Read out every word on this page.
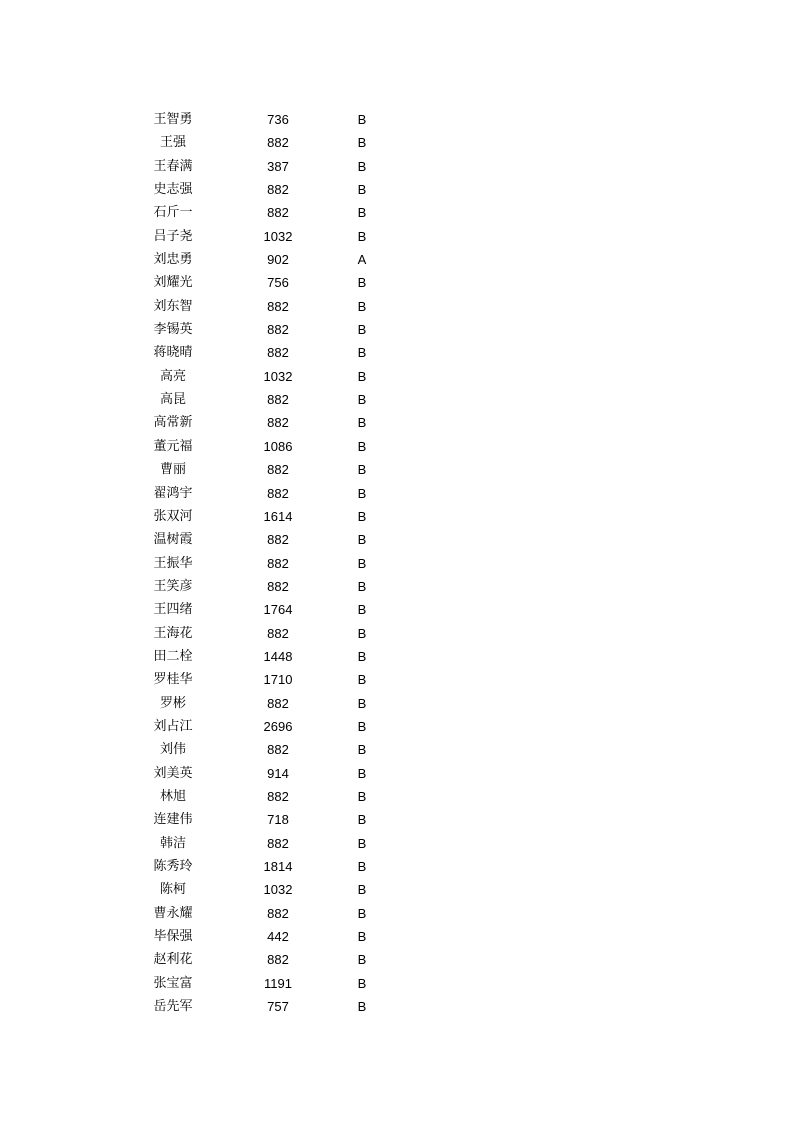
王智勇	736	B
王强	882	B
王春满	387	B
史志强	882	B
石斤一	882	B
吕子尧	1032	B
刘忠勇	902	A
刘耀光	756	B
刘东智	882	B
李锡英	882	B
蒋晓晴	882	B
高亮	1032	B
高昆	882	B
高常新	882	B
董元福	1086	B
曹丽	882	B
翟鸿宇	882	B
张双河	1614	B
温树霞	882	B
王振华	882	B
王笑彦	882	B
王四绪	1764	B
王海花	882	B
田二栓	1448	B
罗桂华	1710	B
罗彬	882	B
刘占江	2696	B
刘伟	882	B
刘美英	914	B
林旭	882	B
连建伟	718	B
韩洁	882	B
陈秀玲	1814	B
陈柯	1032	B
曹永耀	882	B
毕保强	442	B
赵利花	882	B
张宝富	1191	B
岳先军	757	B
